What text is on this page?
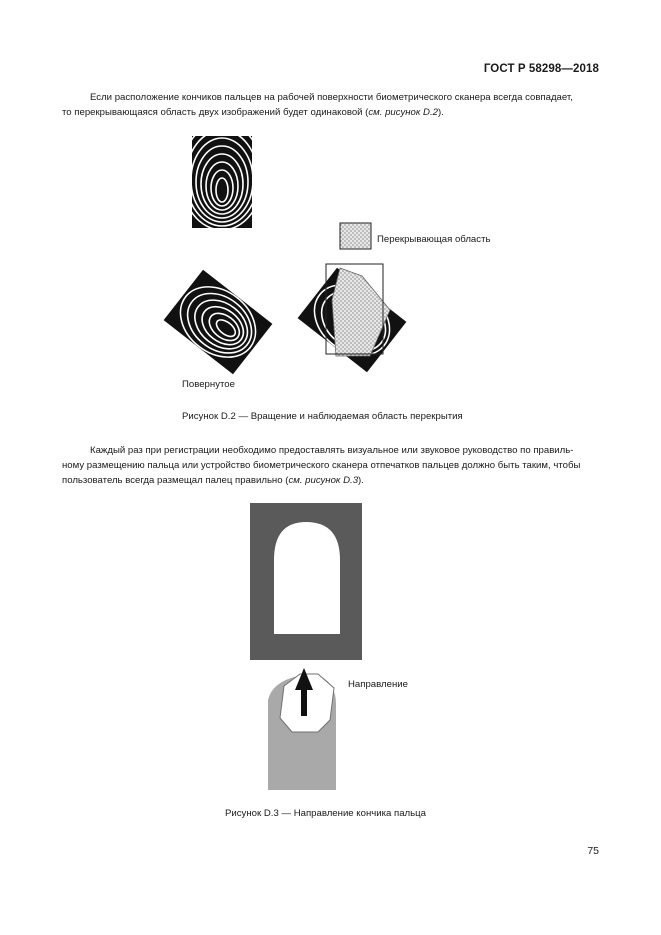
ГОСТ Р 58298—2018
Если расположение кончиков пальцев на рабочей поверхности биометрического сканера всегда совпадает,
то перекрывающаяся область двух изображений будет одинаковой (см. рисунок D.2).
Перекрывающая область
Повернутое
Рисунок D.2 — Вращение и наблюдаемая область перекрытия
Каждый раз при регистрации необходимо предоставлять визуальное или звуковое руководство по правиль-
ному размещению пальца или устройство биометрического сканера отпечатков пальцев должно быть таким, чтобы
пользователь всегда размещал палец правильно (см. рисунок D.3).
Направление
Рисунок D.3 — Направление кончика пальца
75
